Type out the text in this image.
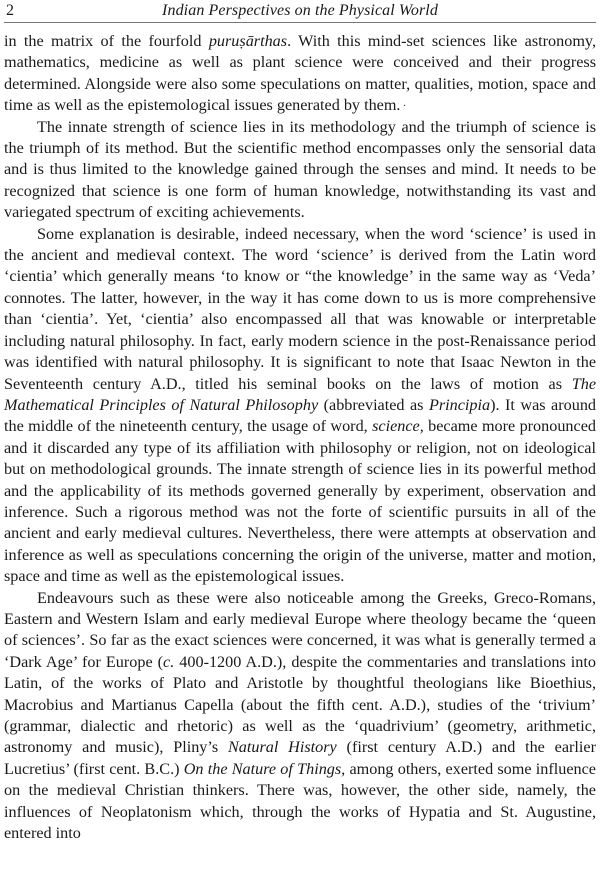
2	Indian Perspectives on the Physical World

in the matrix of the fourfold puruṣārthas. With this mind-set sciences like astronomy, mathematics, medicine as well as plant science were conceived and their progress determined. Alongside were also some speculations on matter, qualities, motion, space and time as well as the epistemological issues generated by them. ·

The innate strength of science lies in its methodology and the triumph of science is the triumph of its method. But the scientific method encompasses only the sensorial data and is thus limited to the knowledge gained through the senses and mind. It needs to be recognized that science is one form of human knowledge, notwithstanding its vast and variegated spectrum of exciting achievements.

Some explanation is desirable, indeed necessary, when the word ‘science’ is used in the ancient and medieval context. The word ‘science’ is derived from the Latin word ‘cientia’ which generally means ‘to know or “the knowledge’ in the same way as ‘Veda’ connotes. The latter, however, in the way it has come down to us is more comprehensive than ‘cientia’. Yet, ‘cientia’ also encompassed all that was knowable or interpretable including natural philosophy. In fact, early modern science in the post-Renaissance period was identified with natural philosophy. It is significant to note that Isaac Newton in the Seventeenth century A.D., titled his seminal books on the laws of motion as The Mathematical Principles of Natural Philosophy (abbreviated as Principia). It was around the middle of the nineteenth century, the usage of word, science, became more pronounced and it discarded any type of its affiliation with philosophy or religion, not on ideological but on methodological grounds. The innate strength of science lies in its powerful method and the applicability of its methods governed generally by experiment, observation and inference. Such a rigorous method was not the forte of scientific pursuits in all of the ancient and early medieval cultures. Nevertheless, there were attempts at observation and inference as well as speculations concerning the origin of the universe, matter and motion, space and time as well as the epistemological issues.

Endeavours such as these were also noticeable among the Greeks, Greco-Romans, Eastern and Western Islam and early medieval Europe where theology became the ‘queen of sciences’. So far as the exact sciences were concerned, it was what is generally termed a ‘Dark Age’ for Europe (c. 400-1200 A.D.), despite the commentaries and translations into Latin, of the works of Plato and Aristotle by thoughtful theologians like Bioethius, Macrobius and Martianus Capella (about the fifth cent. A.D.), studies of the ‘trivium’ (grammar, dialectic and rhetoric) as well as the ‘quadrivium’ (geometry, arithmetic, astronomy and music), Pliny’s Natural History (first century A.D.) and the earlier Lucretius’ (first cent. B.C.) On the Nature of Things, among others, exerted some influence on the medieval Christian thinkers. There was, however, the other side, namely, the influences of Neoplatonism which, through the works of Hypatia and St. Augustine, entered into
